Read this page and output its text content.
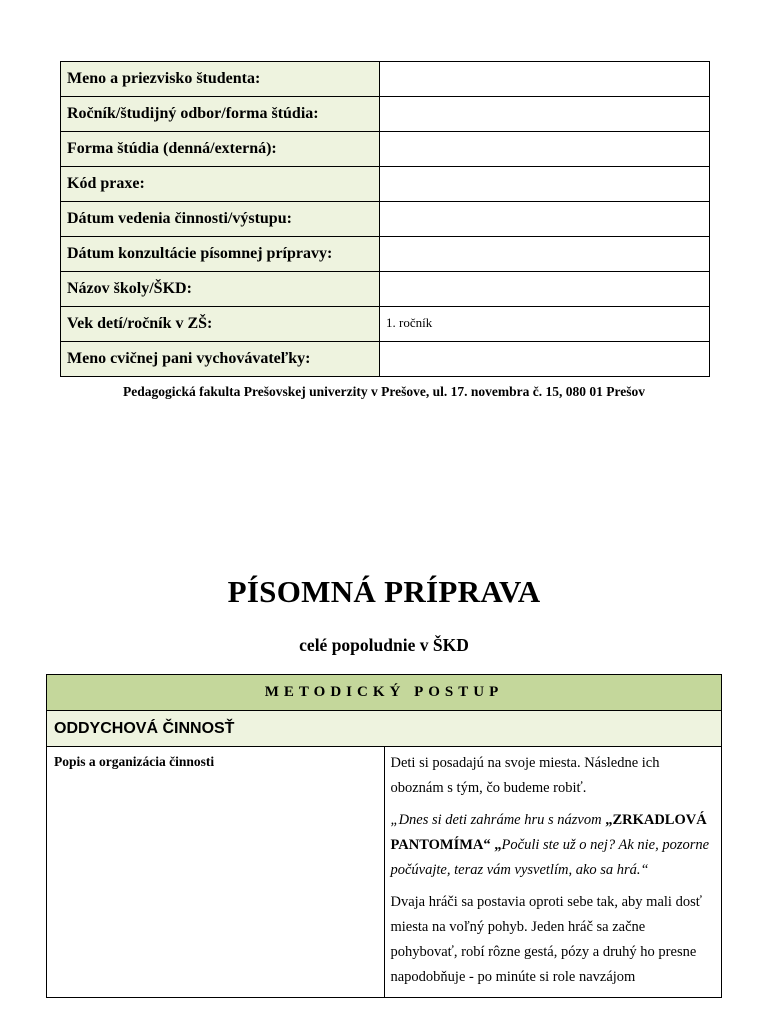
Meno a priezvisko študenta:	
Ročník/študijný odbor/forma štúdia:	
Forma štúdia (denná/externá):	
Kód praxe:	
Dátum vedenia činnosti/výstupu:	
Dátum konzultácie písomnej prípravy:	
Názov školy/ŠKD:	
Vek detí/ročník v ZŠ:	1. ročník
Meno cvičnej pani vychovávateľky:	
Pedagogická fakulta Prešovskej univerzity v Prešove, ul. 17. novembra č. 15, 080 01 Prešov
PÍSOMNÁ PRÍPRAVA
celé popoludnie v ŠKD
METODICKÝ POSTUP
ODDYCHOVÁ ČINNOSŤ
Popis a organizácia činnosti	Deti si posadajú na svoje miesta. Následne ich oboznám s tým, čo budeme robiť.

„Dnes si deti zahráme hru s názvom „ZRKADLOVÁ PANTOMÍMA“ „Počuli ste už o nej? Ak nie, pozorne počúvajte, teraz vám vysvetlím, ako sa hrá.“

Dvaja hráči sa postavia oproti sebe tak, aby mali dosť miesta na voľný pohyb. Jeden hráč sa začne pohybovať, robí rôzne gestá, pózy a druhý ho presne napodobňuje - po minúte si role navzájom
